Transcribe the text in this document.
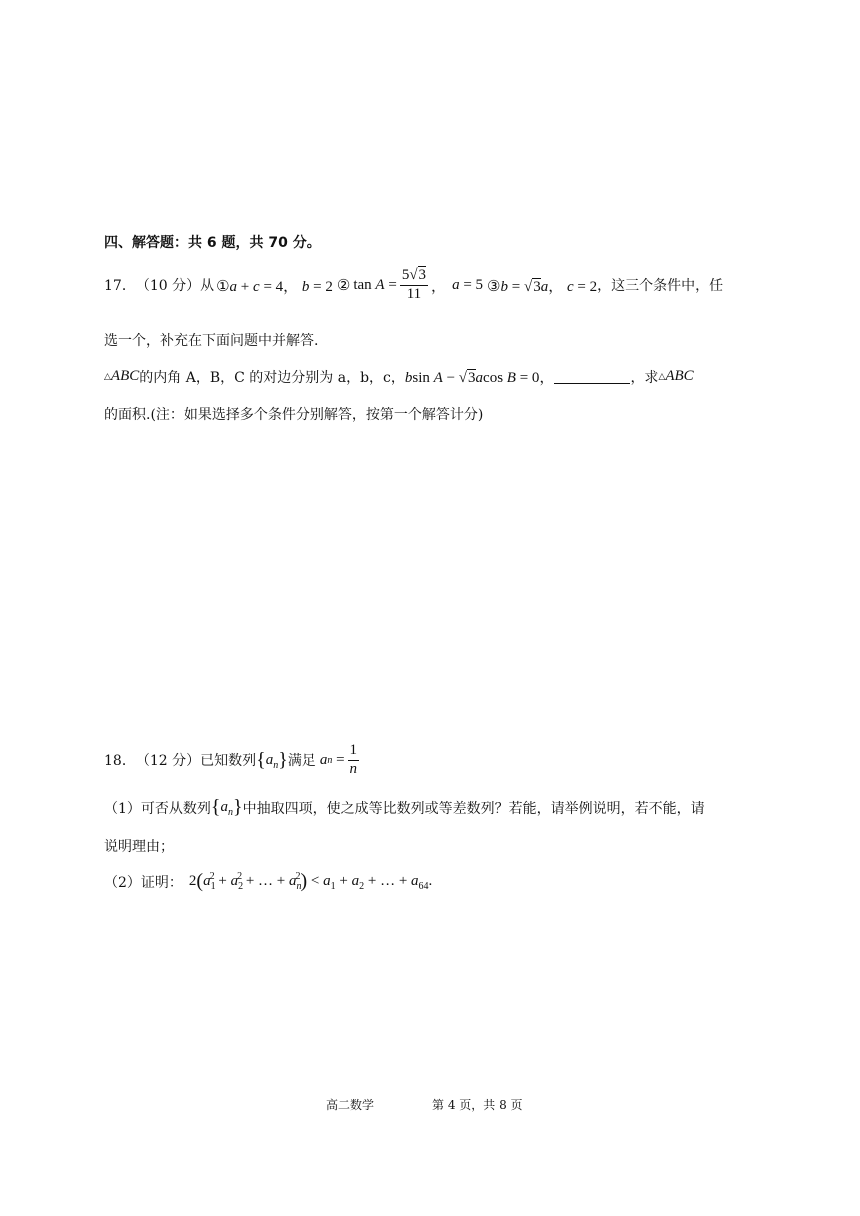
四、解答题：共 6 题，共 70 分。
17． （10 分） 从 ①a + c = 4， b = 2 ② tan
$A = \frac{5√3}{11}$ ， a = 5 ③b = √3a， c = 2 ，这三个条件中，任
选一个，补充在下面问题中并解答.
△ ABC 的内角 A，B，C 的对边分别为 a，b，c， bsin A − √3acos B = 0，	，求 △ ABC
的面积.(注：如果选择多个条件分别解答，按第一个解答计分)
18． （12 分） 已知数列 $\{a_n\}$ 满足 a $n = \frac{1}{n}$
（1） 可否从数列 $\{a_n\}$ 中抽取四项，使之成等比数列或等差数列？若能，请举例说明，若不能，请
说明理由；
（2） 证明： $2(a_1^2 + a_2^2$ + … + $a_n^2) < a_1 + a_2$ + … + $a_{64}$.
高二数学	第 4 页，共 8 页
